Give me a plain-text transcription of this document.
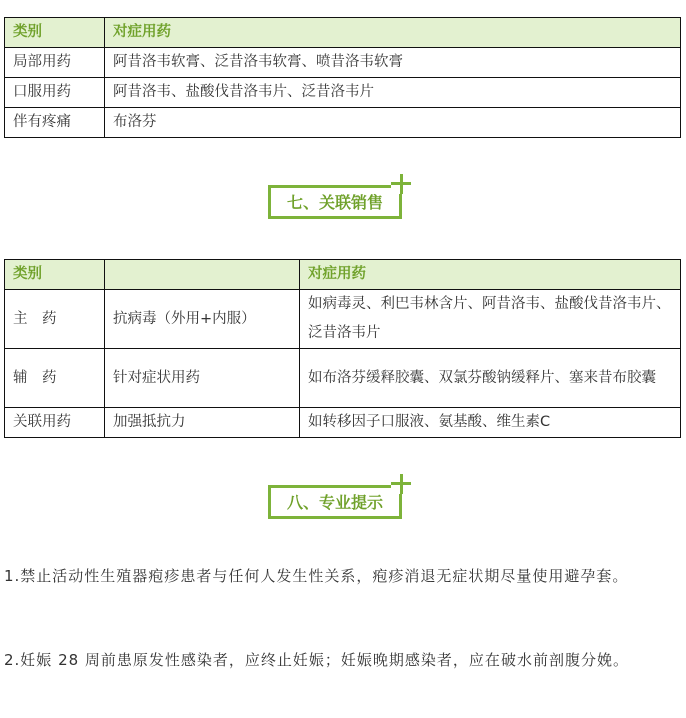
类别	对症用药
局部用药	阿昔洛韦软膏、泛昔洛韦软膏、喷昔洛韦软膏
口服用药	阿昔洛韦、盐酸伐昔洛韦片、泛昔洛韦片
伴有疼痛	布洛芬
七、关联销售
类别		对症用药
主　药	抗病毒（外用+内服）	如病毒灵、利巴韦林含片、阿昔洛韦、盐酸伐昔洛韦片、泛昔洛韦片
辅　药	针对症状用药	如布洛芬缓释胶囊、双氯芬酸钠缓释片、塞来昔布胶囊
关联用药	加强抵抗力	如转移因子口服液、氨基酸、维生素C
八、专业提示
1.禁止活动性生殖器疱疹患者与任何人发生性关系，疱疹消退无症状期尽量使用避孕套。
2.妊娠 28 周前患原发性感染者，应终止妊娠；妊娠晚期感染者，应在破水前剖腹分娩。
